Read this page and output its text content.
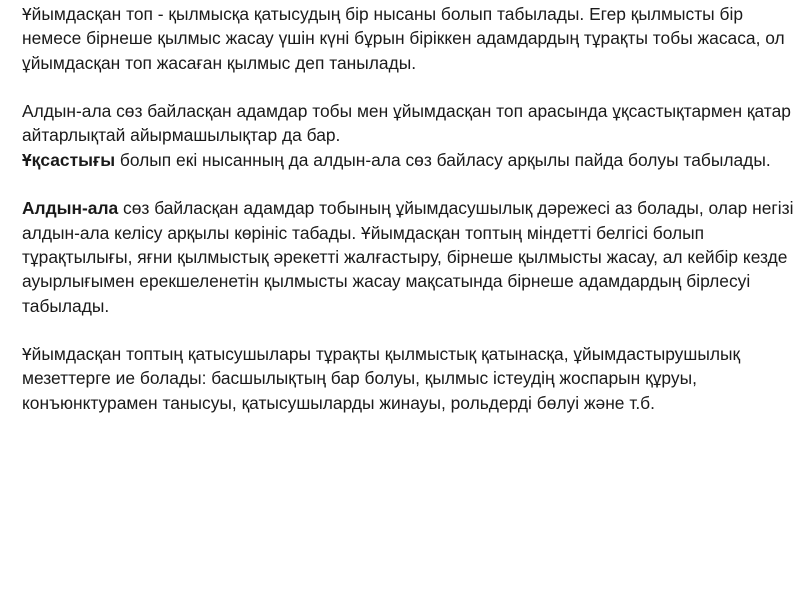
Ұйымдасқан топ - қылмысқа қатысудың бір нысаны болып табылады. Егер қылмысты бір немесе бірнеше қылмыс жасау үшін күні бұрын біріккен адамдардың тұрақты тобы жасаса, ол ұйымдасқан топ жасаған қылмыс деп танылады.

Алдын-ала сөз байласқан адамдар тобы мен ұйымдасқан топ арасында ұқсастықтармен қатар айтарлықтай айырмашылықтар да бар.
Ұқсастығы болып екі нысанның да алдын-ала сөз байласу арқылы пайда болуы табылады.

Алдын-ала сөз байласқан адамдар тобының ұйымдасушылық дәрежесі аз болады, олар негізі алдын-ала келісу арқылы көрініс табады. Ұйымдасқан топтың міндетті белгісі болып тұрақтылығы, яғни қылмыстық әрекетті жалғастыру, бірнеше қылмысты жасау, ал кейбір кезде ауырлығымен ерекшеленетін қылмысты жасау мақсатында бірнеше адамдардың бірлесуі табылады.

Ұйымдасқан топтың қатысушылары тұрақты қылмыстық қатынасқа, ұйымдастырушылық мезеттерге ие болады: басшылықтың бар болуы, қылмыс істеудің жоспарын құруы, конъюнктурамен танысуы, қатысушыларды жинауы, рольдерді бөлуі және т.б.
